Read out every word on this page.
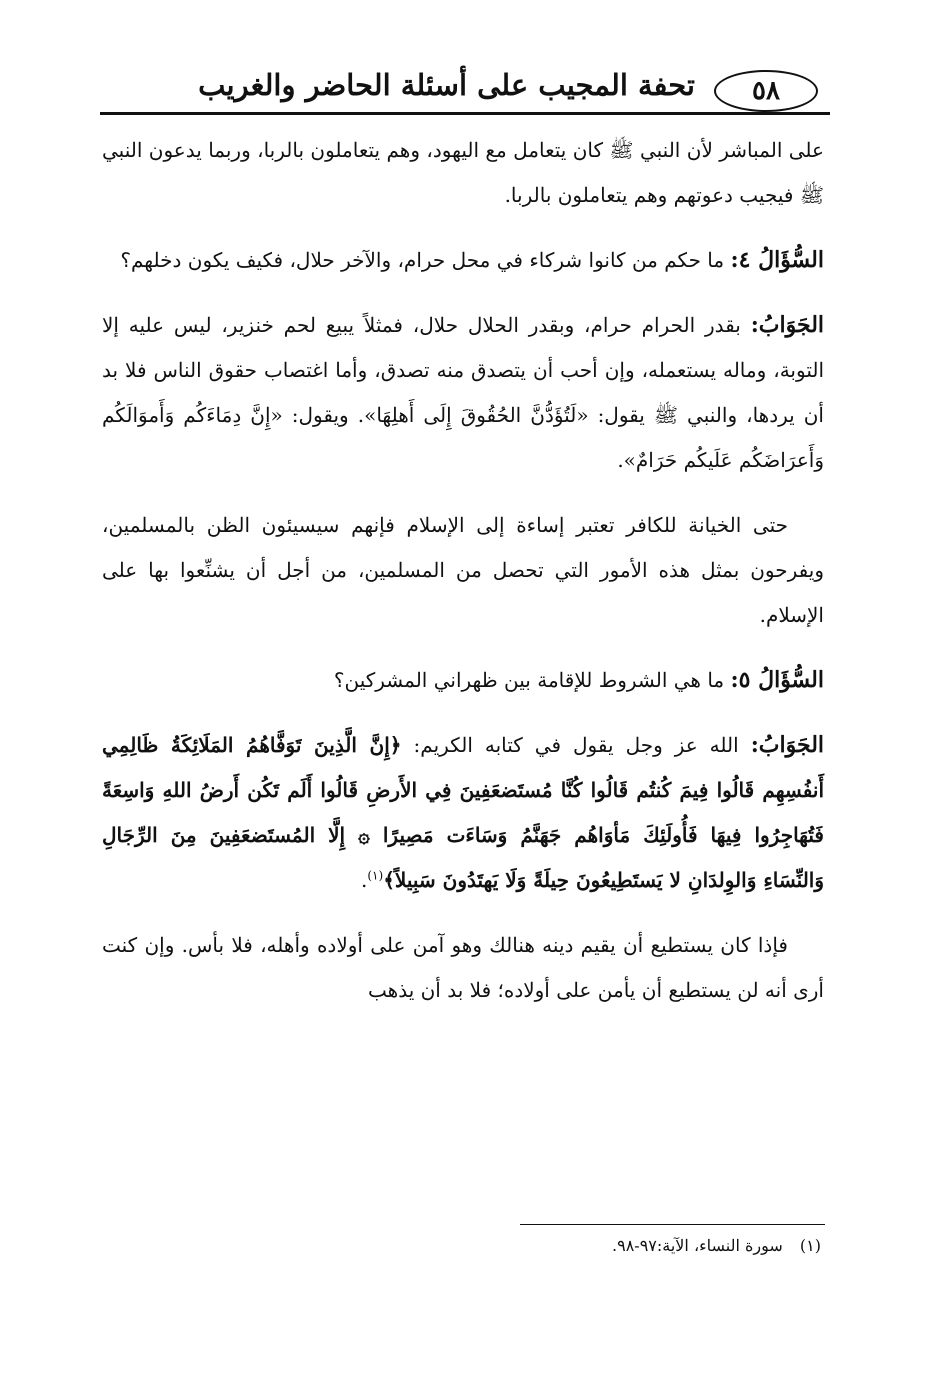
٥٨
تحفة المجيب على أسئلة الحاضر والغريب

على المباشر لأن النبي ﷺ كان يتعامل مع اليهود، وهم يتعاملون بالربا، وربما يدعون النبي ﷺ فيجيب دعوتهم وهم يتعاملون بالربا.

السُّؤَالُ ٤: ما حكم من كانوا شركاء في محل حرام، والآخر حلال، فكيف يكون دخلهم؟

الجَوَابُ: بقدر الحرام حرام، وبقدر الحلال حلال، فمثلاً يبيع لحم خنزير، ليس عليه إلا التوبة، وماله يستعمله، وإن أحب أن يتصدق منه تصدق، وأما اغتصاب حقوق الناس فلا بد أن يردها، والنبي ﷺ يقول: «لَتُؤَدُّنَّ الحُقُوقَ إِلَى أَهلِهَا». ويقول: «إِنَّ دِمَاءَكُم وَأَموَالَكُم وَأَعرَاضَكُم عَلَيكُم حَرَامٌ».

حتى الخيانة للكافر تعتبر إساءة إلى الإسلام فإنهم سيسيئون الظن بالمسلمين، ويفرحون بمثل هذه الأمور التي تحصل من المسلمين، من أجل أن يشنِّعوا بها على الإسلام.

السُّؤَالُ ٥: ما هي الشروط للإقامة بين ظهراني المشركين؟

الجَوَابُ: الله عز وجل يقول في كتابه الكريم: ﴿إِنَّ الَّذِينَ تَوَفَّاهُمُ المَلَائِكَةُ ظَالِمِي أَنفُسِهِم قَالُوا فِيمَ كُنتُم قَالُوا كُنَّا مُستَضعَفِينَ فِي الأَرضِ قَالُوا أَلَم تَكُن أَرضُ اللهِ وَاسِعَةً فَتُهَاجِرُوا فِيهَا فَأُولَئِكَ مَأوَاهُم جَهَنَّمُ وَسَاءَت مَصِيرًا ۞ إِلَّا المُستَضعَفِينَ مِنَ الرِّجَالِ وَالنِّسَاءِ وَالوِلدَانِ لا يَستَطِيعُونَ حِيلَةً وَلَا يَهتَدُونَ سَبِيلاً﴾$^{(١)}$.

فإذا كان يستطيع أن يقيم دينه هنالك وهو آمن على أولاده وأهله، فلا بأس. وإن كنت أرى أنه لن يستطيع أن يأمن على أولاده؛ فلا بد أن يذهب

(١) سورة النساء، الآية:٩٧-٩٨.
